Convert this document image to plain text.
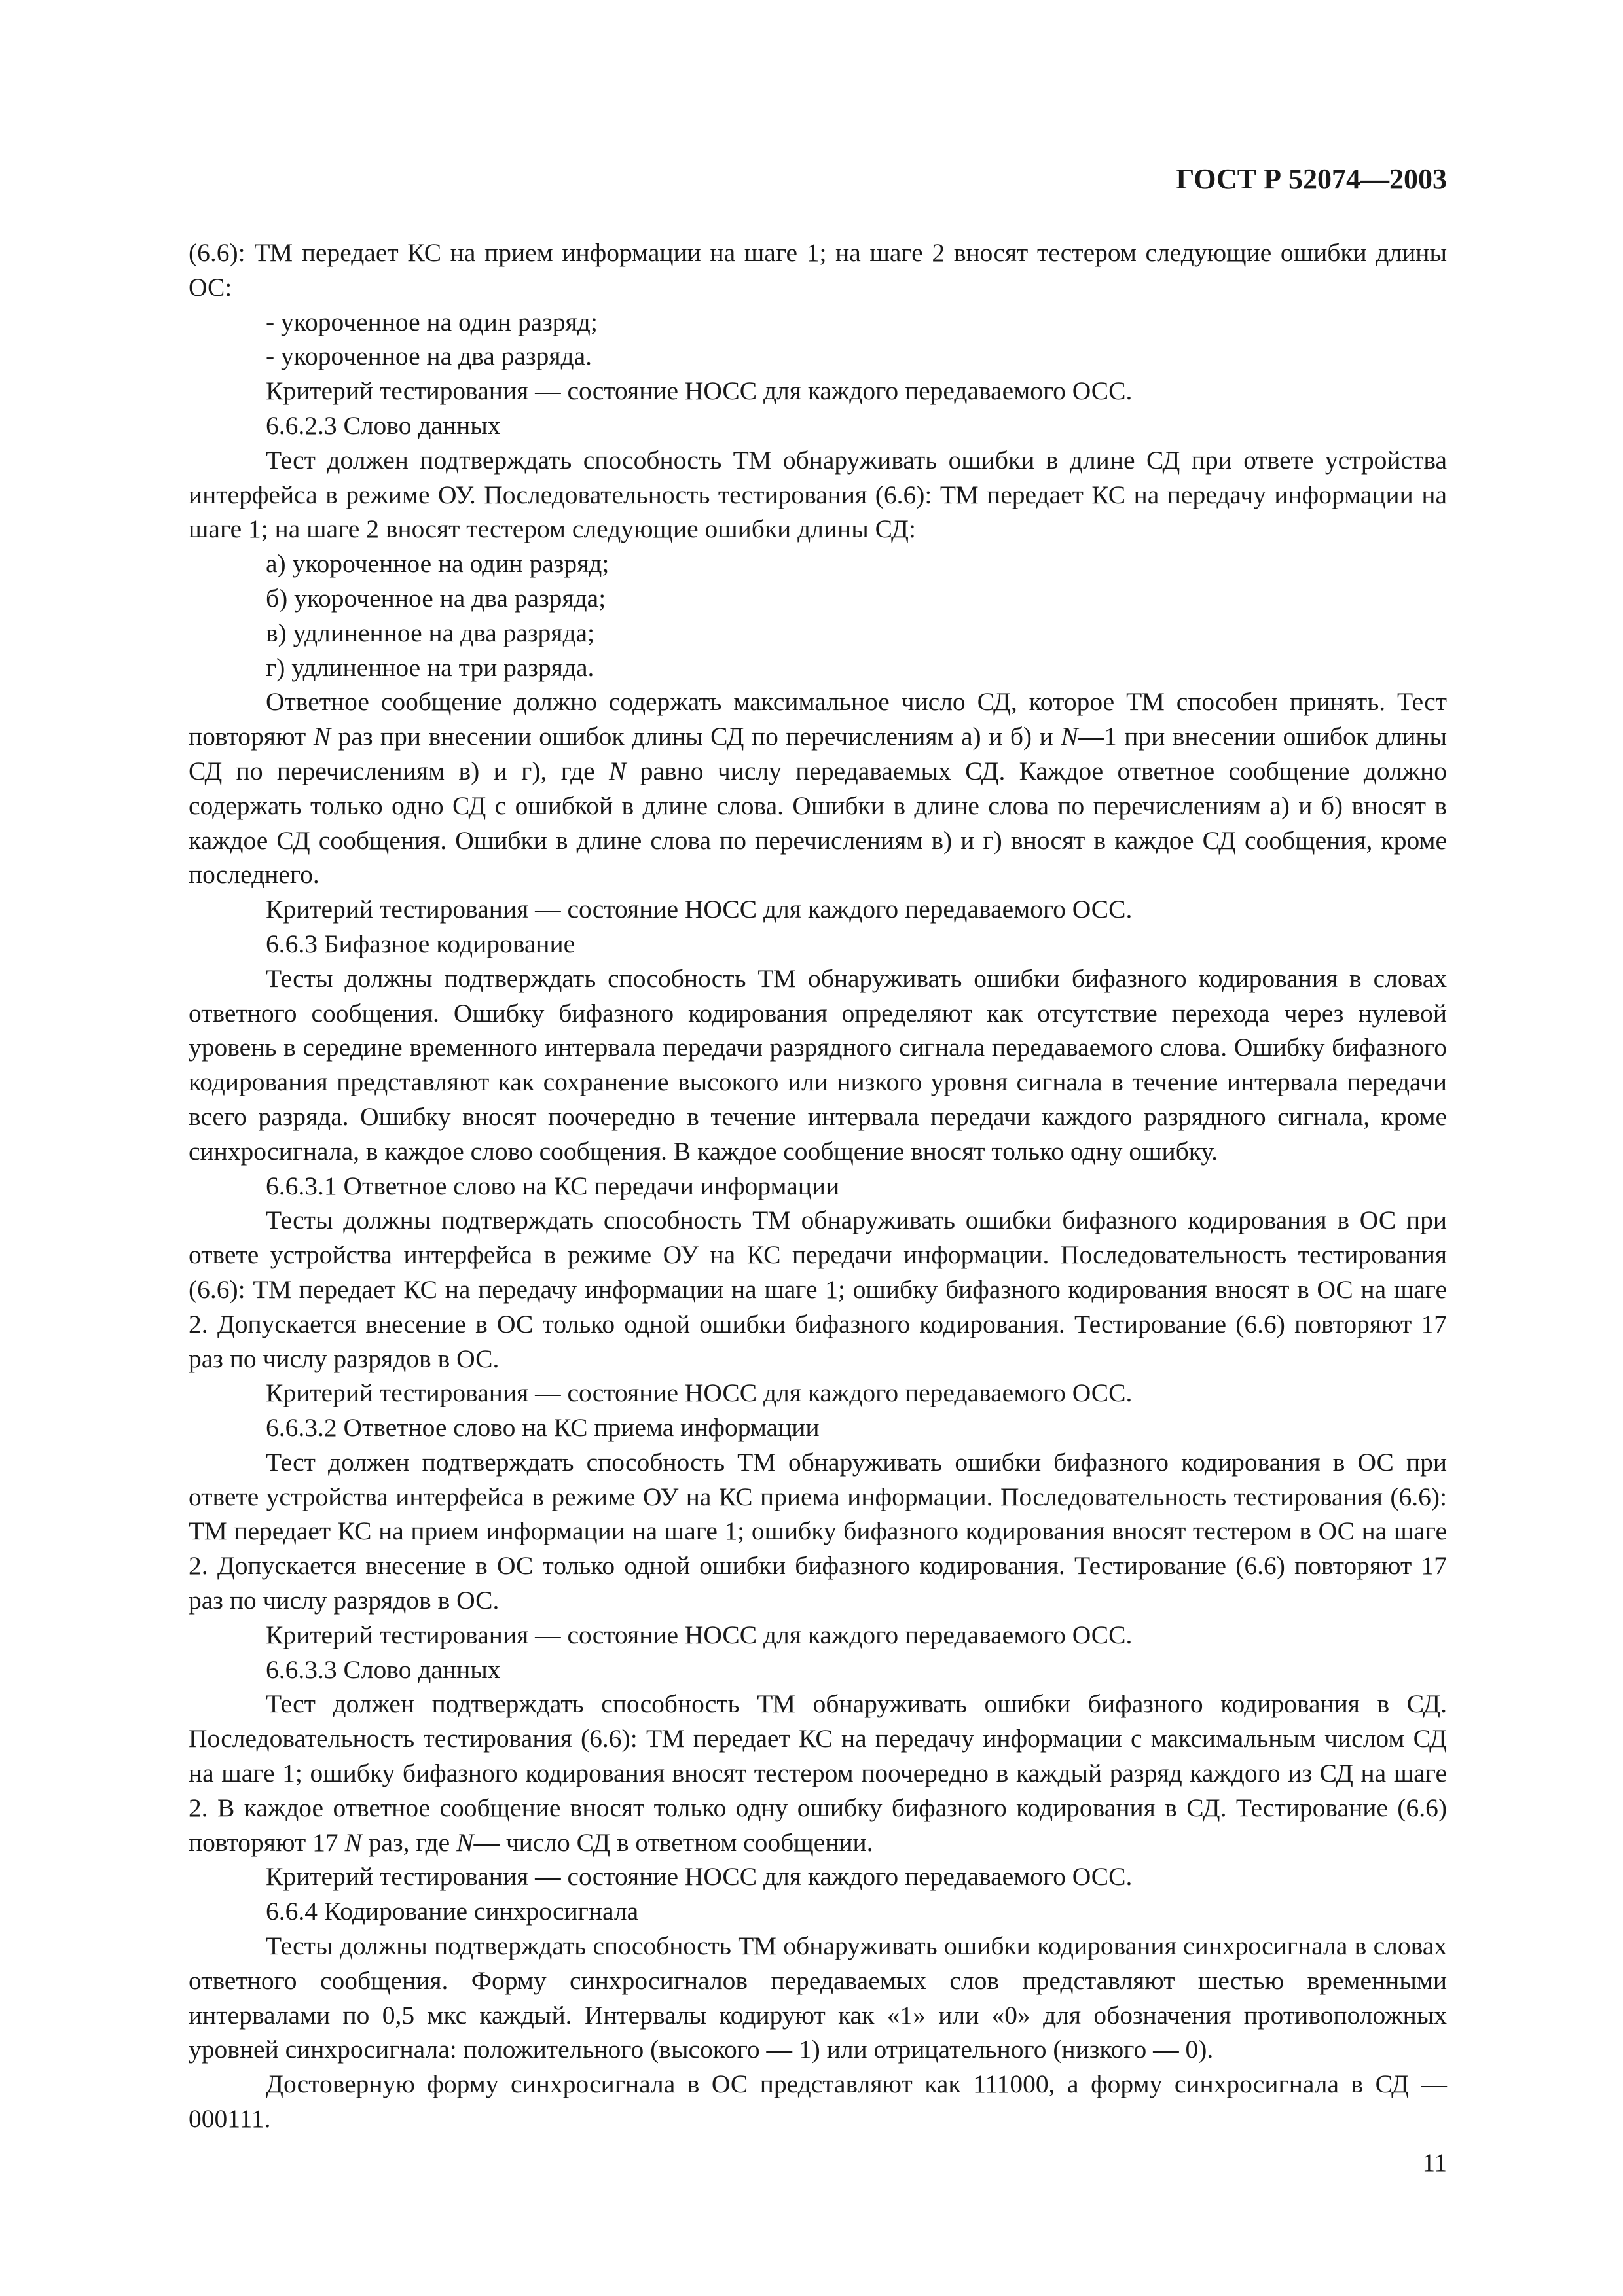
ГОСТ Р 52074—2003

(6.6): ТМ передает КС на прием информации на шаге 1; на шаге 2 вносят тестером следующие ошибки длины ОС:

- укороченное на один разряд;

- укороченное на два разряда.

Критерий тестирования — состояние НОСС для каждого передаваемого ОСС.

6.6.2.3 Слово данных

Тест должен подтверждать способность ТМ обнаруживать ошибки в длине СД при ответе устройства интерфейса в режиме ОУ. Последовательность тестирования (6.6): ТМ передает КС на передачу информации на шаге 1; на шаге 2 вносят тестером следующие ошибки длины СД:

а) укороченное на один разряд;

б) укороченное на два разряда;

в) удлиненное на два разряда;

г) удлиненное на три разряда.

Ответное сообщение должно содержать максимальное число СД, которое ТМ способен принять. Тест повторяют N раз при внесении ошибок длины СД по перечислениям а) и б) и N—1 при внесении ошибок длины СД по перечислениям в) и г), где N равно числу передаваемых СД. Каждое ответное сообщение должно содержать только одно СД с ошибкой в длине слова. Ошибки в длине слова по перечислениям а) и б) вносят в каждое СД сообщения. Ошибки в длине слова по перечислениям в) и г) вносят в каждое СД сообщения, кроме последнего.

Критерий тестирования — состояние НОСС для каждого передаваемого ОСС.

6.6.3 Бифазное кодирование

Тесты должны подтверждать способность ТМ обнаруживать ошибки бифазного кодирования в словах ответного сообщения. Ошибку бифазного кодирования определяют как отсутствие перехода через нулевой уровень в середине временного интервала передачи разрядного сигнала передаваемого слова. Ошибку бифазного кодирования представляют как сохранение высокого или низкого уровня сигнала в течение интервала передачи всего разряда. Ошибку вносят поочередно в течение интервала передачи каждого разрядного сигнала, кроме синхросигнала, в каждое слово сообщения. В каждое сообщение вносят только одну ошибку.

6.6.3.1 Ответное слово на КС передачи информации

Тесты должны подтверждать способность ТМ обнаруживать ошибки бифазного кодирования в ОС при ответе устройства интерфейса в режиме ОУ на КС передачи информации. Последовательность тестирования (6.6): ТМ передает КС на передачу информации на шаге 1; ошибку бифазного кодирования вносят в ОС на шаге 2. Допускается внесение в ОС только одной ошибки бифазного кодирования. Тестирование (6.6) повторяют 17 раз по числу разрядов в ОС.

Критерий тестирования — состояние НОСС для каждого передаваемого ОСС.

6.6.3.2 Ответное слово на КС приема информации

Тест должен подтверждать способность ТМ обнаруживать ошибки бифазного кодирования в ОС при ответе устройства интерфейса в режиме ОУ на КС приема информации. Последовательность тестирования (6.6): ТМ передает КС на прием информации на шаге 1; ошибку бифазного кодирования вносят тестером в ОС на шаге 2. Допускается внесение в ОС только одной ошибки бифазного кодирования. Тестирование (6.6) повторяют 17 раз по числу разрядов в ОС.

Критерий тестирования — состояние НОСС для каждого передаваемого ОСС.

6.6.3.3 Слово данных

Тест должен подтверждать способность ТМ обнаруживать ошибки бифазного кодирования в СД. Последовательность тестирования (6.6): ТМ передает КС на передачу информации с максимальным числом СД на шаге 1; ошибку бифазного кодирования вносят тестером поочередно в каждый разряд каждого из СД на шаге 2. В каждое ответное сообщение вносят только одну ошибку бифазного кодирования в СД. Тестирование (6.6) повторяют 17 N раз, где N— число СД в ответном сообщении.

Критерий тестирования — состояние НОСС для каждого передаваемого ОСС.

6.6.4 Кодирование синхросигнала

Тесты должны подтверждать способность ТМ обнаруживать ошибки кодирования синхросигнала в словах ответного сообщения. Форму синхросигналов передаваемых слов представляют шестью временными интервалами по 0,5 мкс каждый. Интервалы кодируют как «1» или «0» для обозначения противоположных уровней синхросигнала: положительного (высокого — 1) или отрицательного (низкого — 0).

Достоверную форму синхросигнала в ОС представляют как 111000, а форму синхросигнала в СД — 000111.

11
